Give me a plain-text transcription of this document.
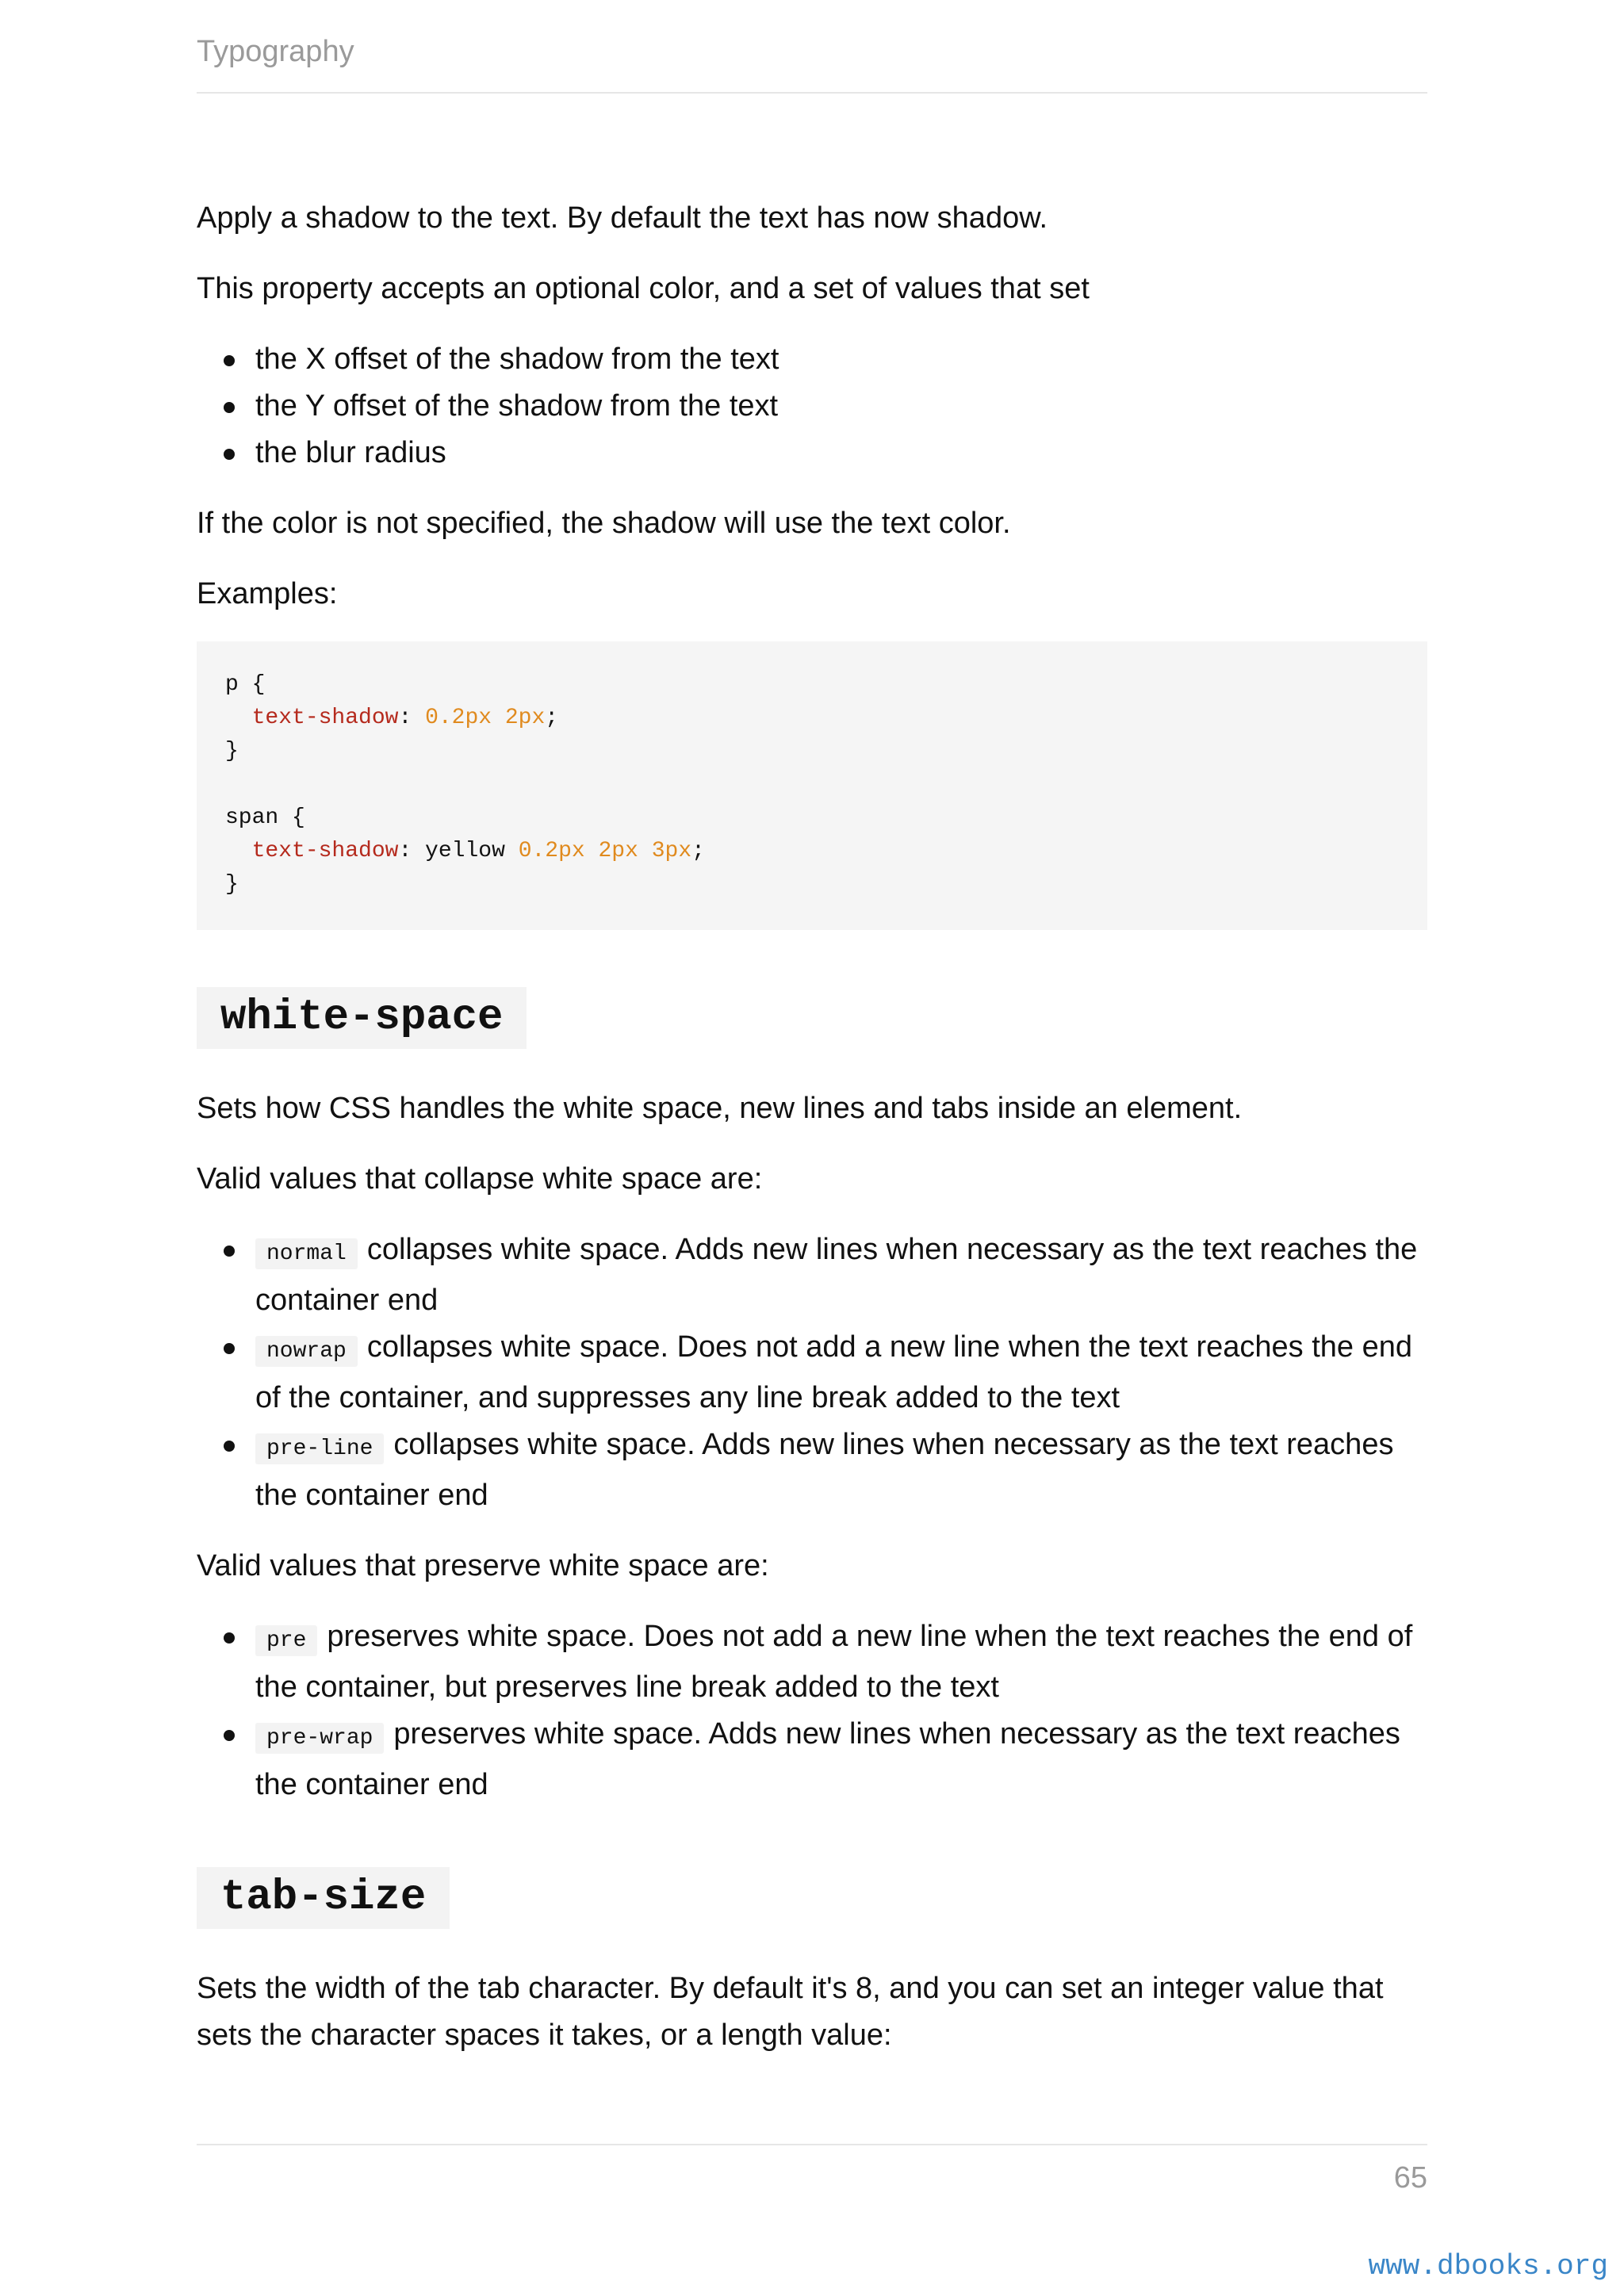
Typography

Apply a shadow to the text. By default the text has now shadow.

This property accepts an optional color, and a set of values that set

the X offset of the shadow from the text
the Y offset of the shadow from the text
the blur radius

If the color is not specified, the shadow will use the text color.

Examples:

p {
text-shadow: 0.2px 2px;
}

span {
text-shadow: yellow 0.2px 2px 3px;
}
white-space

Sets how CSS handles the white space, new lines and tabs inside an element.

Valid values that collapse white space are:

normal collapses white space. Adds new lines when necessary as the text reaches the container end
nowrap collapses white space. Does not add a new line when the text reaches the end of the container, and suppresses any line break added to the text
pre-line collapses white space. Adds new lines when necessary as the text reaches the container end

Valid values that preserve white space are:

pre preserves white space. Does not add a new line when the text reaches the end of the container, but preserves line break added to the text
pre-wrap preserves white space. Adds new lines when necessary as the text reaches the container end
tab-size

Sets the width of the tab character. By default it's 8, and you can set an integer value that sets the character spaces it takes, or a length value:

65
www.dbooks.org
